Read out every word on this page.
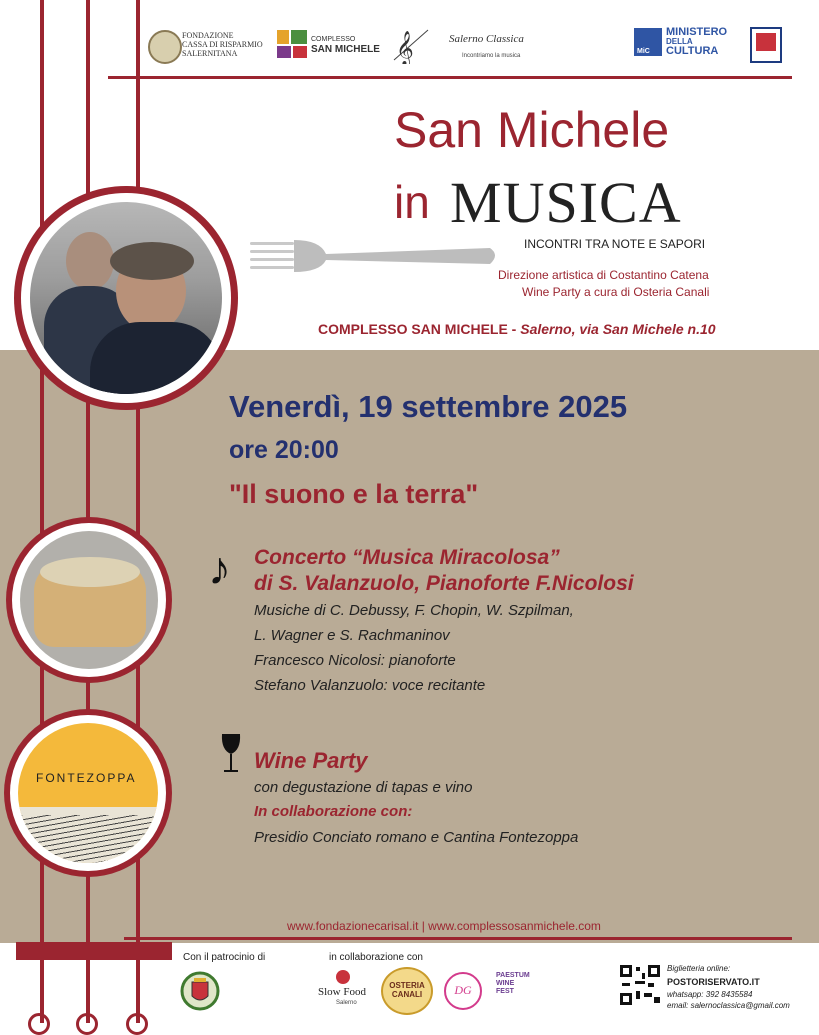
FONDAZIONE
CASSA DI RISPARMIO
SALERNITANA
COMPLESSO
SAN MICHELE 𝄞	Salerno Classica
Incontriamo la musica
MiC
MINISTERO
DELLA
CULTURA
San Michele
in MUSICA
INCONTRI TRA NOTE E SAPORI
Direzione artistica di Costantino Catena
Wine Party a cura di Osteria Canali
COMPLESSO SAN MICHELE - Salerno, via San Michele n.10
Venerdì, 19 settembre 2025
ore 20:00
"Il suono e la terra"
♪ Concerto “Musica Miracolosa”
di S. Valanzuolo, Pianoforte F.Nicolosi
Musiche di C. Debussy, F. Chopin, W. Szpilman,
L. Wagner e S. Rachmaninov
Francesco Nicolosi: pianoforte
Stefano Valanzuolo: voce recitante
FONTEZOPPA
Wine Party
con degustazione di tapas e vino
In collaborazione con:
Presidio Conciato romano e Cantina Fontezoppa
www.fondazionecarisal.it | www.complessosanmichele.com
Con il patrocinio di	in collaborazione con
Slow Food
Salerno
OSTERIA
CANALI	DG
PAESTUM
WINE
FEST
Biglietteria online:
POSTORISERVATO.IT
whatsapp: 392 8435584
email: salernoclassica@gmail.com
